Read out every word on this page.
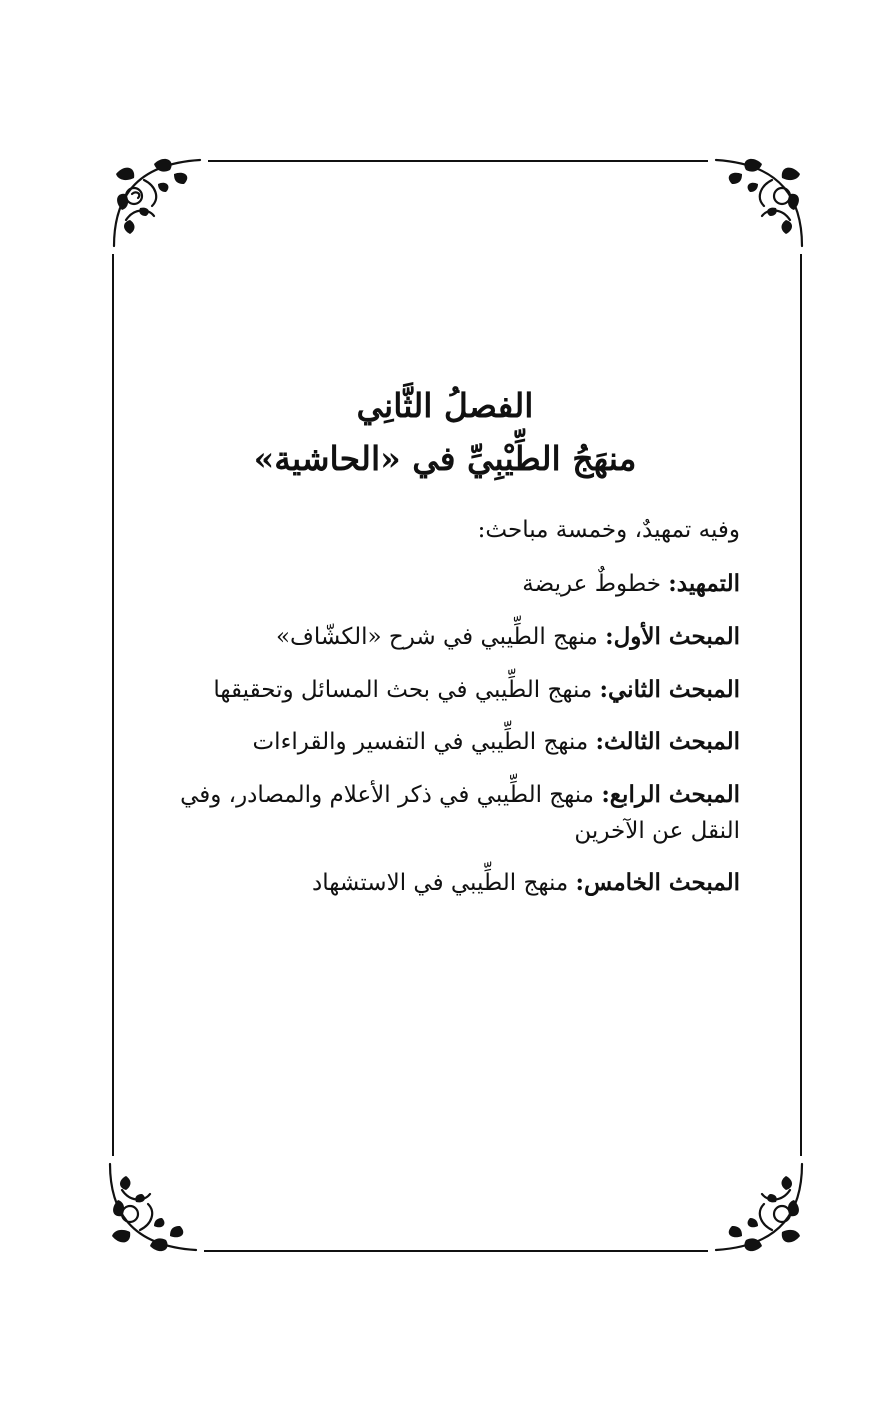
الفصلُ الثَّانِي
منهَجُ الطِّيْبِيِّ في «الحاشية»

وفيه تمهيدٌ، وخمسة مباحث:

التمهيد: خطوطٌ عريضة
المبحث الأول: منهج الطِّيبي في شرح «الكشّاف»
المبحث الثاني: منهج الطِّيبي في بحث المسائل وتحقيقها
المبحث الثالث: منهج الطِّيبي في التفسير والقراءات
المبحث الرابع: منهج الطِّيبي في ذكر الأعلام والمصادر، وفي النقل عن الآخرين
المبحث الخامس: منهج الطِّيبي في الاستشهاد
